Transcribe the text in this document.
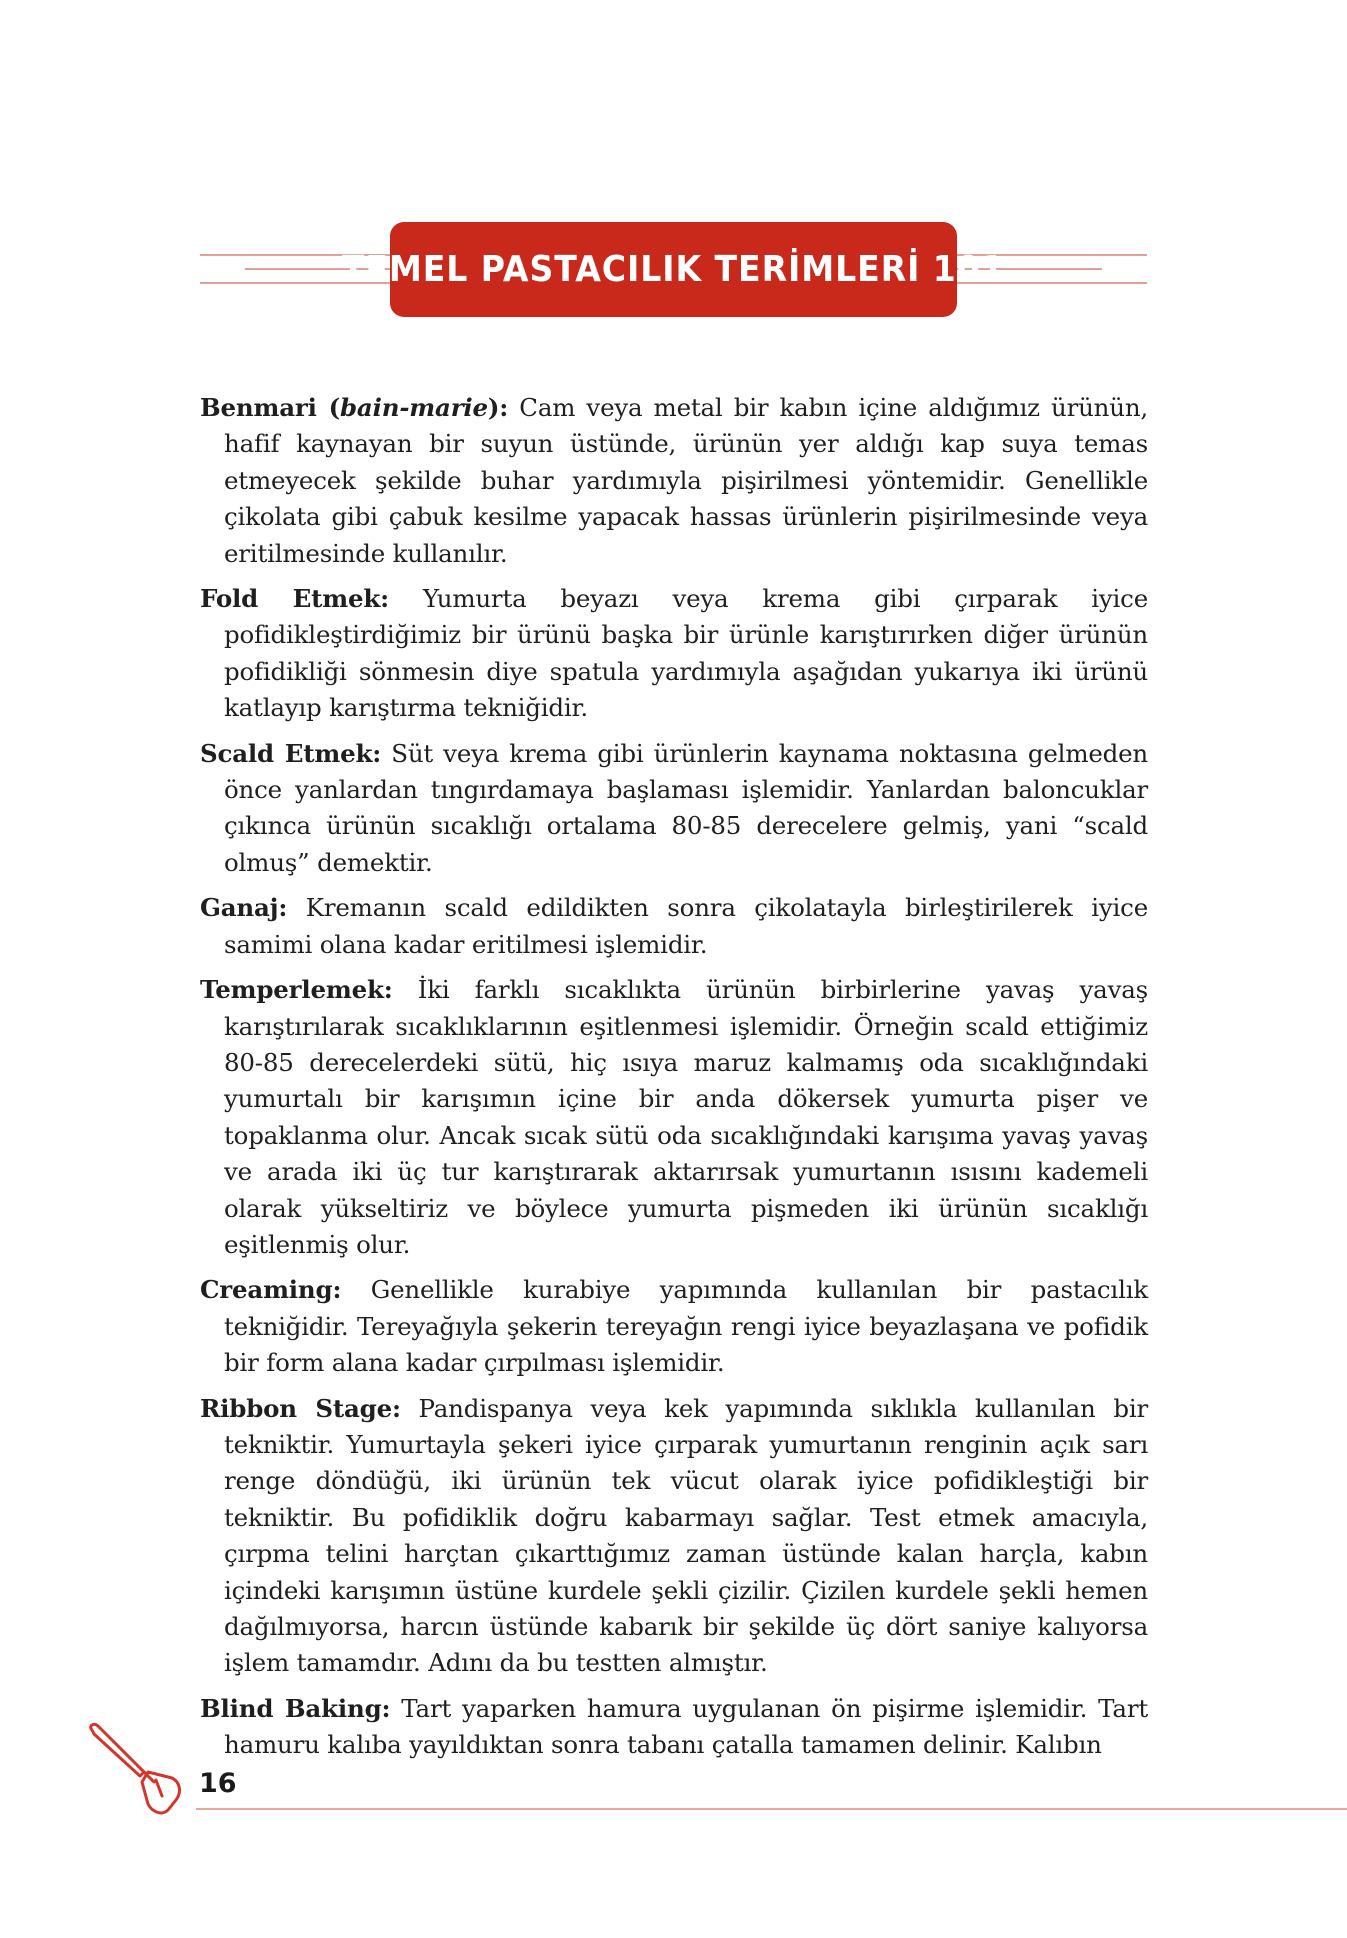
TEMEL PASTACILIK TERİMLERİ 101

Benmari (bain-marie): Cam veya metal bir kabın içine aldığımız ürünün, hafif kaynayan bir suyun üstünde, ürünün yer aldığı kap suya temas etmeyecek şekilde buhar yardımıyla pişirilmesi yöntemidir. Genellikle çikolata gibi çabuk kesilme yapacak hassas ürünlerin pişirilmesinde veya eritilmesinde kullanılır.

Fold Etmek: Yumurta beyazı veya krema gibi çırparak iyice pofidikleştirdiğimiz bir ürünü başka bir ürünle karıştırırken diğer ürünün pofidikliği sönmesin diye spatula yardımıyla aşağıdan yukarıya iki ürünü katlayıp karıştırma tekniğidir.

Scald Etmek: Süt veya krema gibi ürünlerin kaynama noktasına gelmeden önce yanlardan tıngırdamaya başlaması işlemidir. Yanlardan baloncuklar çıkınca ürünün sıcaklığı ortalama 80-85 derecelere gelmiş, yani “scald olmuş” demektir.

Ganaj: Kremanın scald edildikten sonra çikolatayla birleştirilerek iyice samimi olana kadar eritilmesi işlemidir.

Temperlemek: İki farklı sıcaklıkta ürünün birbirlerine yavaş yavaş karıştırılarak sıcaklıklarının eşitlenmesi işlemidir. Örneğin scald ettiğimiz 80-85 derecelerdeki sütü, hiç ısıya maruz kalmamış oda sıcaklığındaki yumurtalı bir karışımın içine bir anda dökersek yumurta pişer ve topaklanma olur. Ancak sıcak sütü oda sıcaklığındaki karışıma yavaş yavaş ve arada iki üç tur karıştırarak aktarırsak yumurtanın ısısını kademeli olarak yükseltiriz ve böylece yumurta pişmeden iki ürünün sıcaklığı eşitlenmiş olur.

Creaming: Genellikle kurabiye yapımında kullanılan bir pastacılık tekniğidir. Tereyağıyla şekerin tereyağın rengi iyice beyazlaşana ve pofidik bir form alana kadar çırpılması işlemidir.

Ribbon Stage: Pandispanya veya kek yapımında sıklıkla kullanılan bir tekniktir. Yumurtayla şekeri iyice çırparak yumurtanın renginin açık sarı renge döndüğü, iki ürünün tek vücut olarak iyice pofidikleştiği bir tekniktir. Bu pofidiklik doğru kabarmayı sağlar. Test etmek amacıyla, çırpma telini harçtan çıkarttığımız zaman üstünde kalan harçla, kabın içindeki karışımın üstüne kurdele şekli çizilir. Çizilen kurdele şekli hemen dağılmıyorsa, harcın üstünde kabarık bir şekilde üç dört saniye kalıyorsa işlem tamamdır. Adını da bu testten almıştır.

Blind Baking: Tart yaparken hamura uygulanan ön pişirme işlemidir. Tart hamuru kalıba yayıldıktan sonra tabanı çatalla tamamen delinir. Kalıbın

16
